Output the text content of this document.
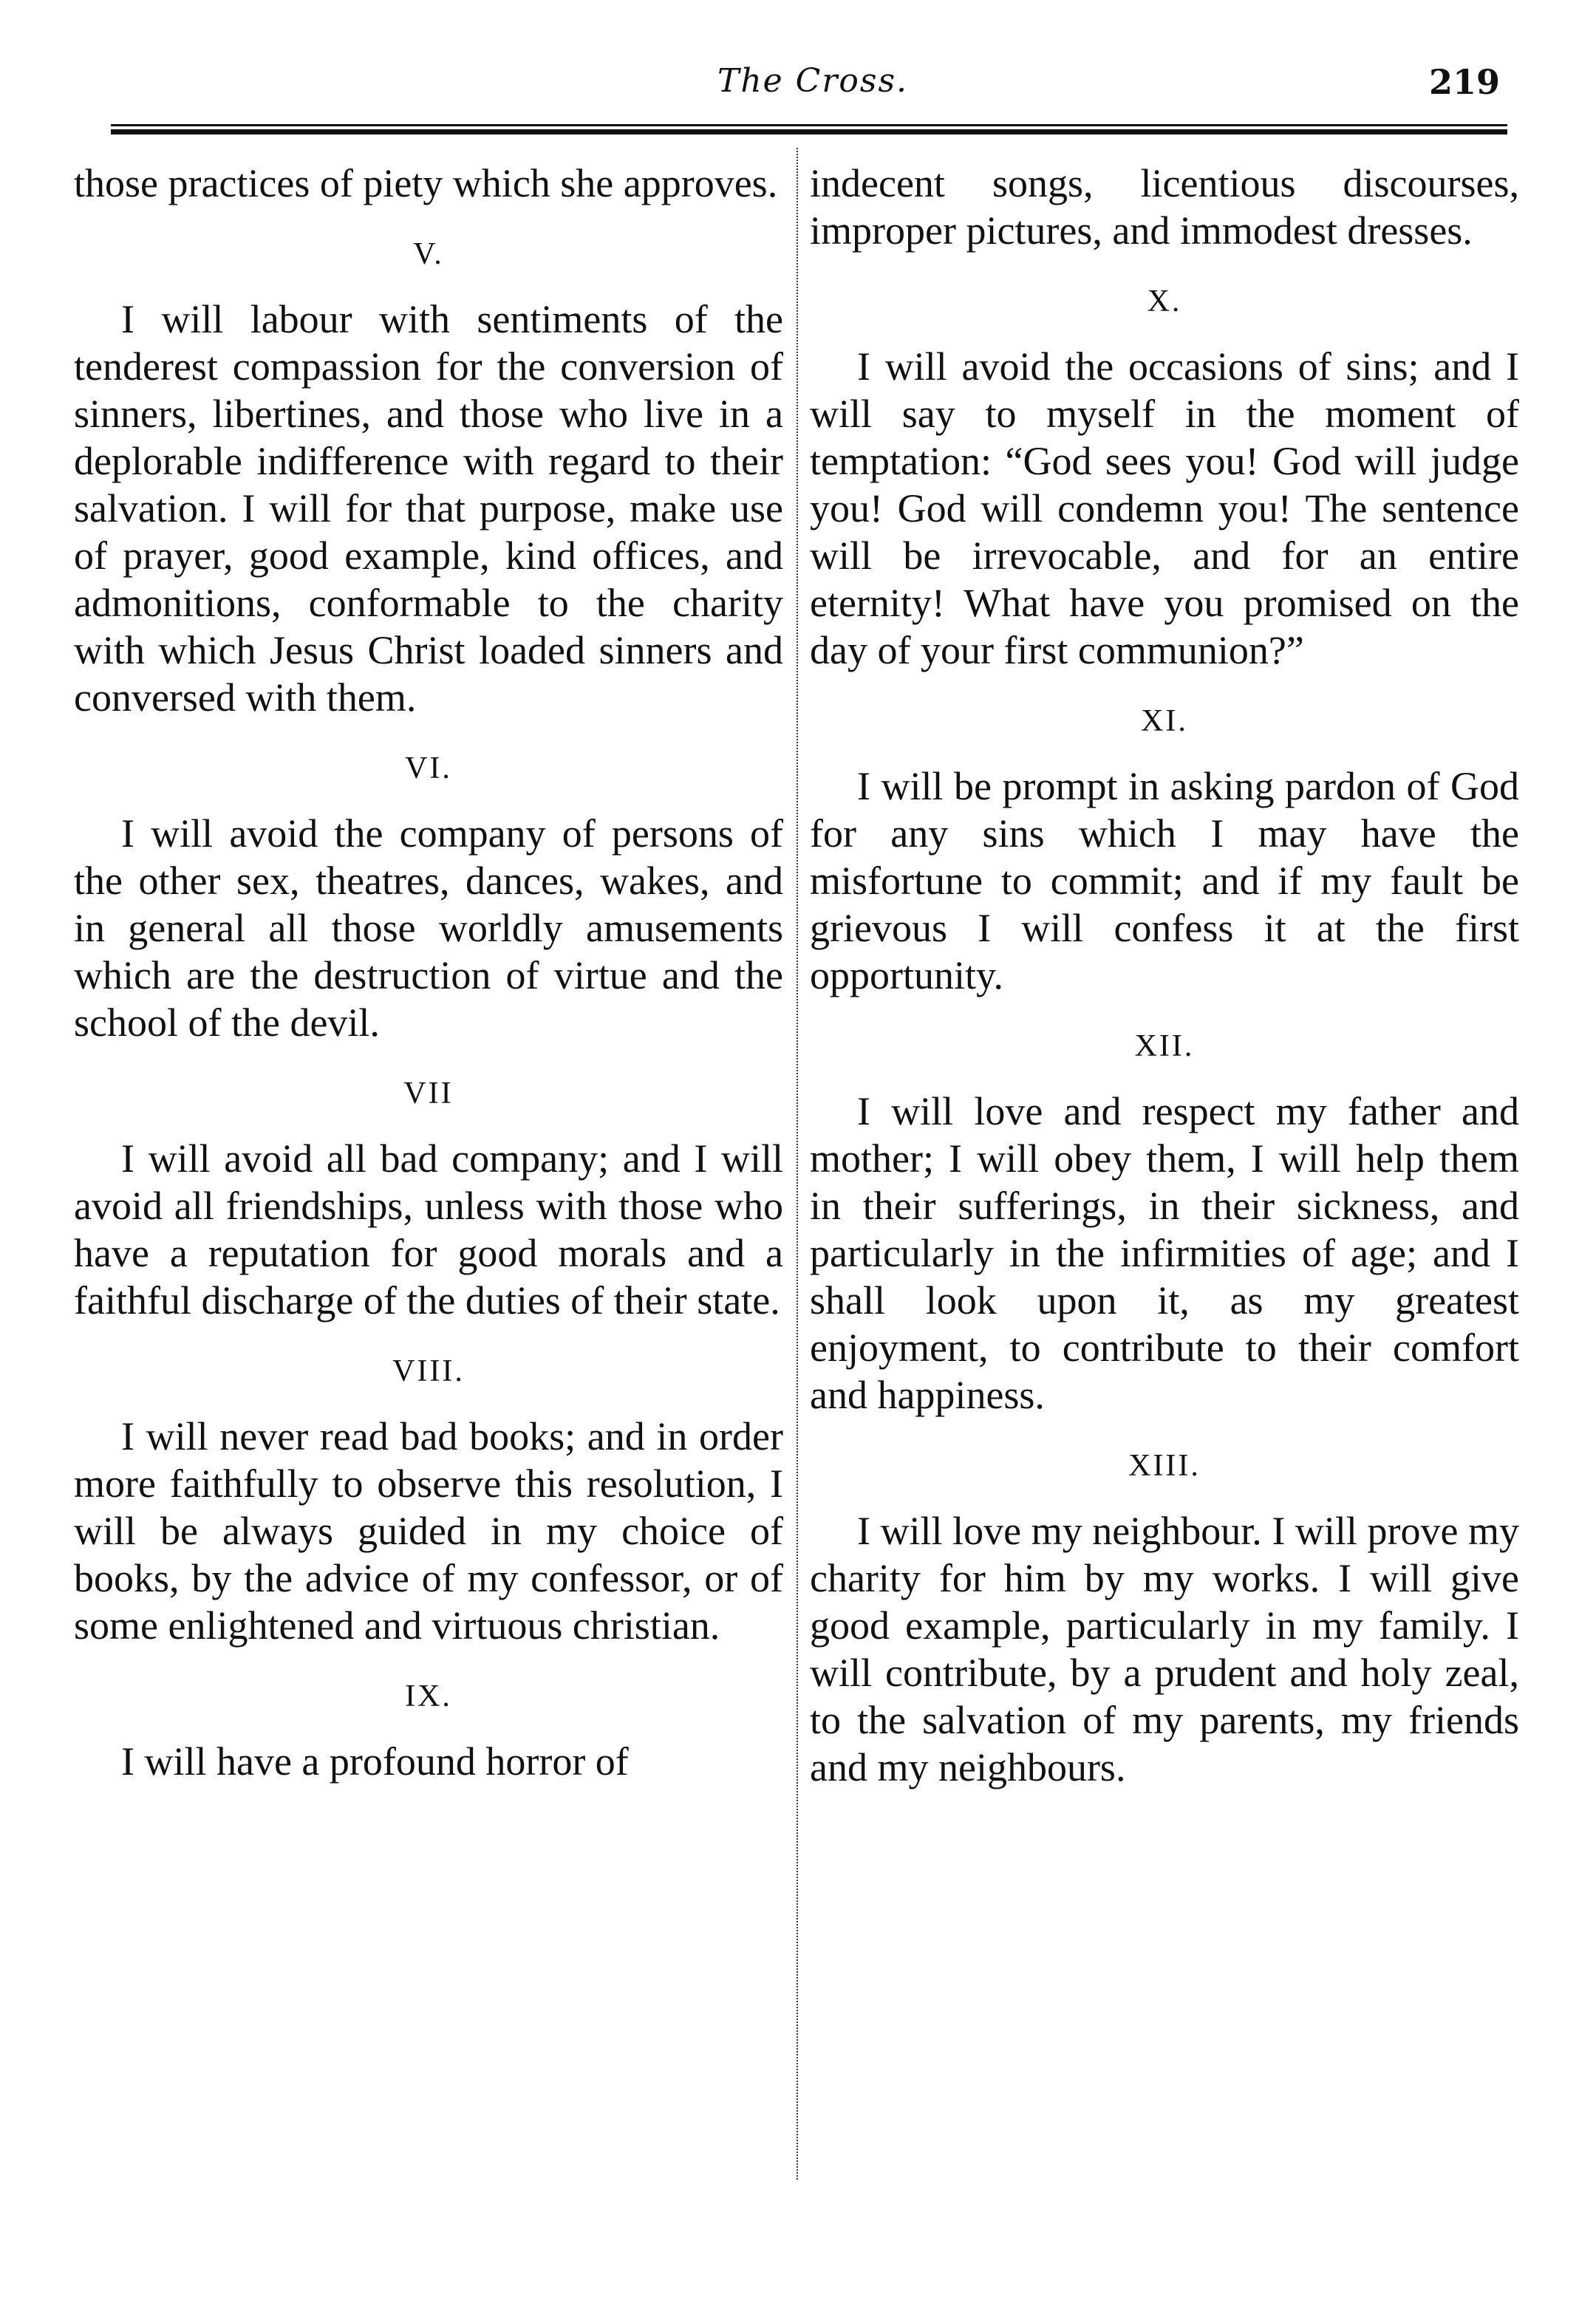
The Cross.	219

those practices of piety which she approves.

V.

I will labour with sentiments of the tenderest compassion for the conversion of sinners, libertines, and those who live in a deplorable indifference with regard to their salvation. I will for that purpose, make use of prayer, good example, kind offices, and admonitions, conformable to the charity with which Jesus Christ loaded sinners and conversed with them.

VI.

I will avoid the company of persons of the other sex, theatres, dances, wakes, and in general all those worldly amusements which are the destruction of virtue and the school of the devil.

VII

I will avoid all bad company; and I will avoid all friendships, unless with those who have a reputation for good morals and a faithful discharge of the duties of their state.

VIII.

I will never read bad books; and in order more faithfully to observe this resolution, I will be always guided in my choice of books, by the advice of my confessor, or of some enlightened and virtuous christian.

IX.

I will have a profound horror of

indecent songs, licentious discourses, improper pictures, and immodest dresses.

X.

I will avoid the occasions of sins; and I will say to myself in the moment of temptation: “God sees you! God will judge you! God will condemn you! The sentence will be irrevocable, and for an entire eternity! What have you promised on the day of your first communion?”

XI.

I will be prompt in asking pardon of God for any sins which I may have the misfortune to commit; and if my fault be grievous I will confess it at the first opportunity.

XII.

I will love and respect my father and mother; I will obey them, I will help them in their sufferings, in their sickness, and particularly in the infirmities of age; and I shall look upon it, as my greatest enjoyment, to contribute to their comfort and happiness.

XIII.

I will love my neighbour. I will prove my charity for him by my works. I will give good example, particularly in my family. I will contribute, by a prudent and holy zeal, to the salvation of my parents, my friends and my neighbours.
